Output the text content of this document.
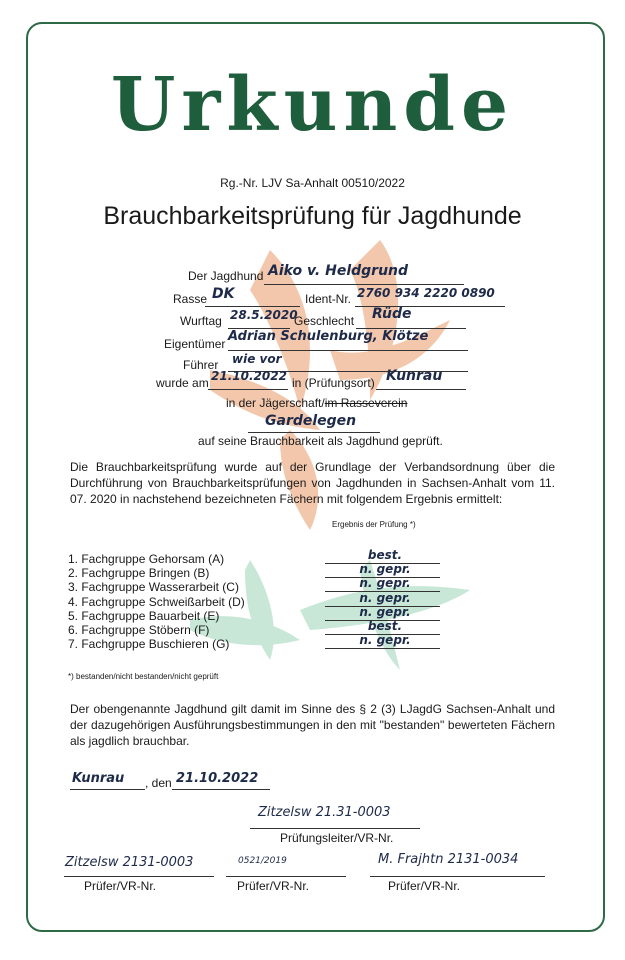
Urkunde
Rg.-Nr. LJV Sa-Anhalt 00510/2022
Brauchbarkeitsprüfung für Jagdhunde
Der Jagdhund Aiko v. Heldgrund
Rasse DK	Ident-Nr. 2760 934 2220 0890
Wurftag 28.5.2020
Geschlecht Rüde
Eigentümer Adrian Schulenburg, Klötze
Führer wie vor
wurde am 21.10.2022 in (Prüfungsort) Kunrau
in der Jägerschaft/im Rasseverein
Gardelegen
auf seine Brauchbarkeit als Jagdhund geprüft.
Die Brauchbarkeitsprüfung wurde auf der Grundlage der Verbandsordnung über die Durchführung von Brauchbarkeitsprüfungen von Jagdhunden in Sachsen-Anhalt vom 11. 07. 2020 in nachstehend bezeichneten Fächern mit folgendem Ergebnis ermittelt:
Ergebnis der Prüfung *)
1. Fachgruppe Gehorsam (A)	best.
2. Fachgruppe Bringen (B)	n. gepr.
3. Fachgruppe Wasserarbeit (C)	n. gepr.
4. Fachgruppe Schweißarbeit (D)	n. gepr.
5. Fachgruppe Bauarbeit (E)	n. gepr.
6. Fachgruppe Stöbern (F)	best.
7. Fachgruppe Buschieren (G)	n. gepr.
*) bestanden/nicht bestanden/nicht geprüft
Der obengenannte Jagdhund gilt damit im Sinne des § 2 (3) LJagdG Sachsen-Anhalt und der dazugehörigen Ausführungsbestimmungen in den mit "bestanden" bewerteten Fächern als jagdlich brauchbar.
Kunrau , den 21.10.2022
Zitzelsw 21.31-0003
Prüfungsleiter/VR-Nr.
Zitzelsw 2131-0003
Prüfer/VR-Nr.
0521/2019
Prüfer/VR-Nr.
M. Frajhtn 2131-0034
Prüfer/VR-Nr.
